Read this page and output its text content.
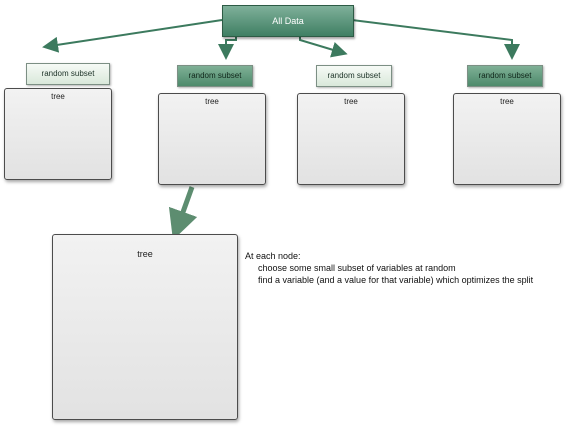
All Data
random subset	random subset	random subset	random subset
tree
tree	tree	tree
tree	At each node:
choose some small subset of variables at random
find a variable (and a value for that variable) which optimizes the split
